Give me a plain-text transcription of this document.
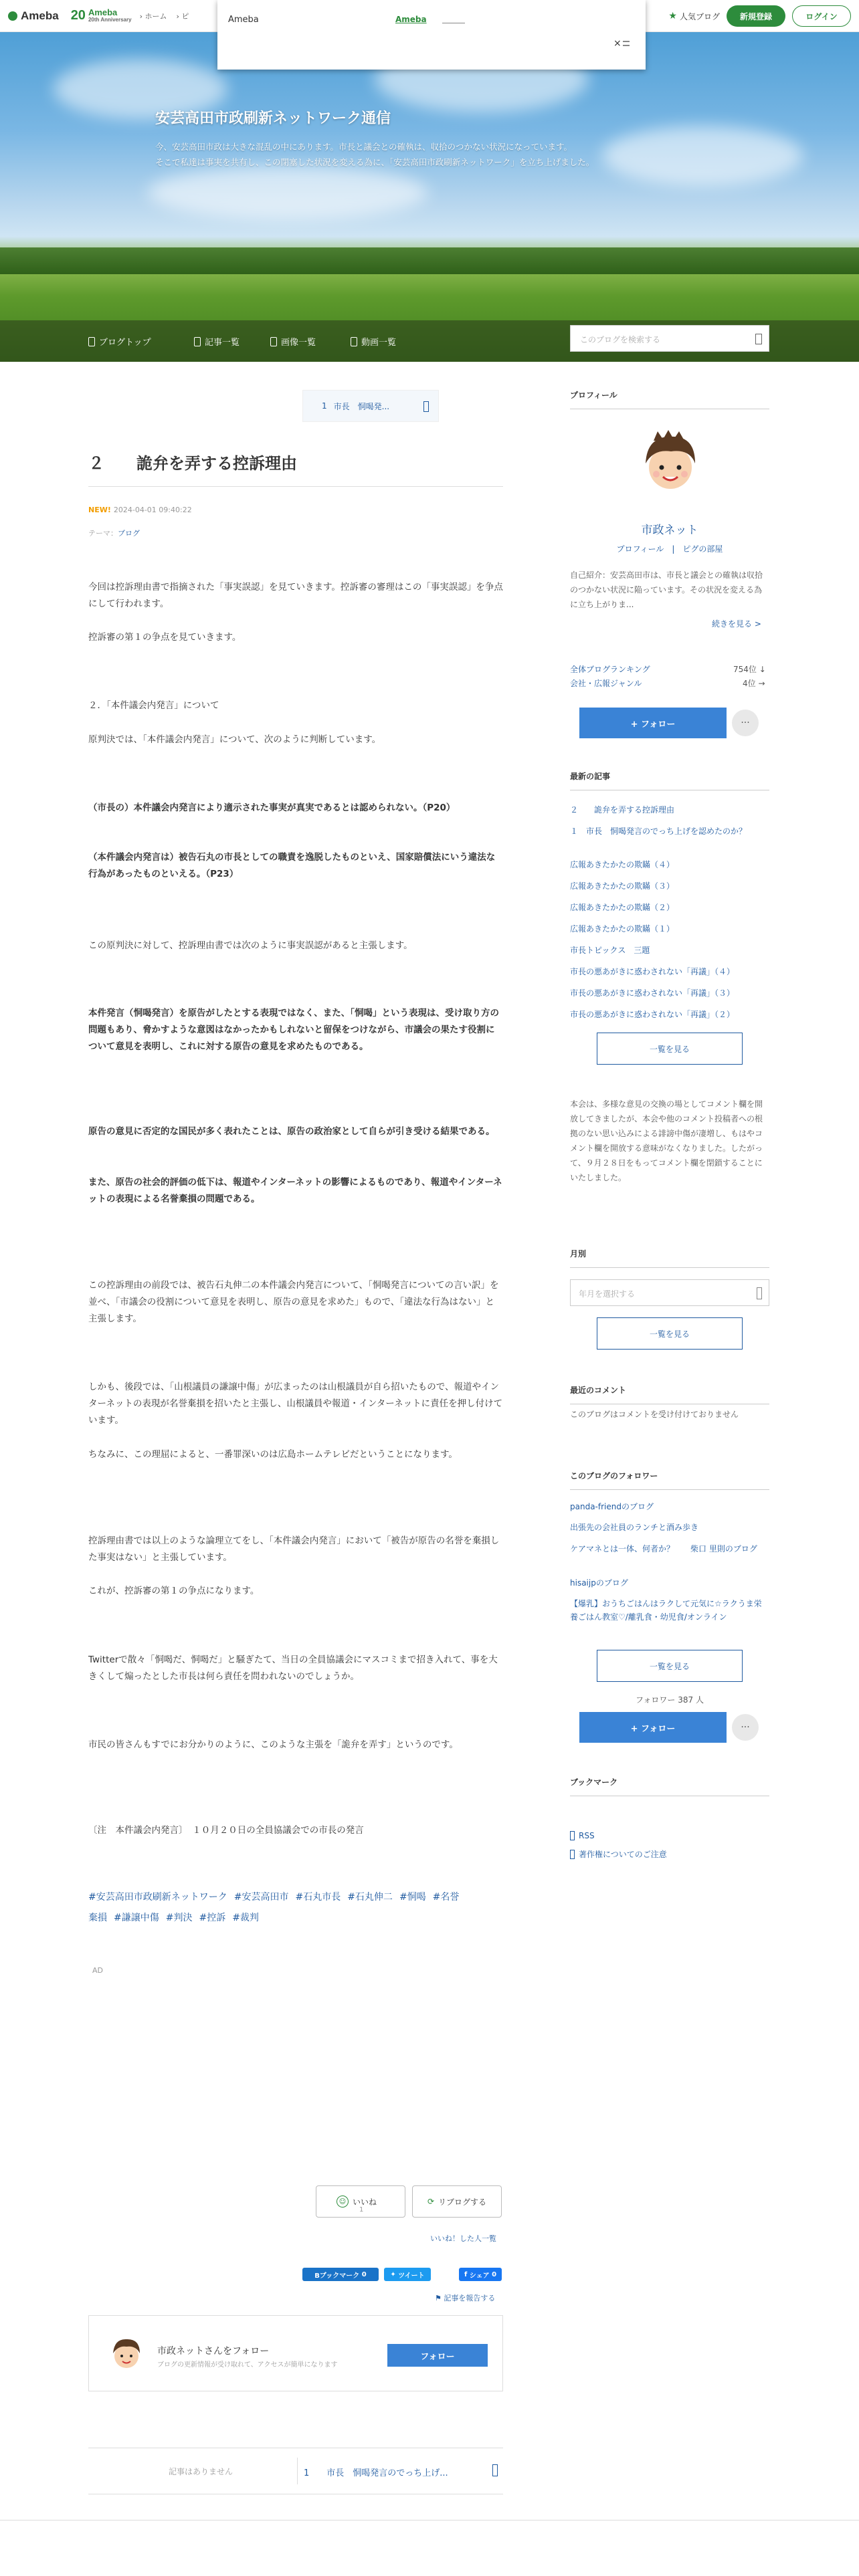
Ameba 20 Ameba
20th Anniversary › ホーム › ピ	★ 人気ブログ	新規登録	ログイン
Ameba	Ameba
×
安芸高田市政刷新ネットワーク通信
今、安芸高田市政は大きな混乱の中にあります。市長と議会との確執は、収拾のつかない状況になっています。
そこで私達は事実を共有し、この閉塞した状況を変える為に、「安芸高田市政刷新ネットワーク」を立ち上げました。
ブログトップ	記事一覧	画像一覧	動画一覧	このブログを検索する
1 市長　恫喝発...
２　　詭弁を弄する控訴理由
NEW! 2024-04-01 09:40:22
テーマ：ブログ

今回は控訴理由書で指摘された「事実誤認」を見ていきます。控訴審の審理はこの「事実誤認」を争点にして行われます。

控訴審の第１の争点を見ていきます。

２．「本件議会内発言」について

原判決では、「本件議会内発言」について、次のように判断しています。

（市長の）本件議会内発言により適示された事実が真実であるとは認められない。（P20）

（本件議会内発言は）被告石丸の市長としての職責を逸脱したものといえ、国家賠償法にいう違法な行為があったものといえる。（P23）

この原判決に対して、控訴理由書では次のように事実誤認があると主張します。

本件発言（恫喝発言）を原告がしたとする表現ではなく、また、「恫喝」という表現は、受け取り方の問題もあり、脅かすような意図はなかったかもしれないと留保をつけながら、市議会の果たす役割について意見を表明し、これに対する原告の意見を求めたものである。

原告の意見に否定的な国民が多く表れたことは、原告の政治家として自らが引き受ける結果である。

また、原告の社会的評価の低下は、報道やインターネットの影響によるものであり、報道やインターネットの表現による名誉棄損の問題である。

この控訴理由の前段では、被告石丸伸二の本件議会内発言について、「恫喝発言についての言い訳」を並べ、「市議会の役割について意見を表明し、原告の意見を求めた」もので、「違法な行為はない」と主張します。

しかも、後段では、「山根議員の謙譲中傷」が広まったのは山根議員が自ら招いたもので、報道やインターネットの表現が名誉棄損を招いたと主張し、山根議員や報道・インターネットに責任を押し付けています。

ちなみに、この理屈によると、一番罪深いのは広島ホームテレビだということになります。

控訴理由書では以上のような論理立てをし、「本件議会内発言」において「被告が原告の名誉を棄損した事実はない」と主張しています。

これが、控訴審の第１の争点になります。

Twitterで散々「恫喝だ、恫喝だ」と騒ぎたて、当日の全員協議会にマスコミまで招き入れて、事を大きくして煽ったとした市長は何ら責任を問われないのでしょうか。

市民の皆さんもすでにお分かりのように、このような主張を「詭弁を弄す」というのです。

〔注　本件議会内発言〕　１０月２０日の全員協議会での市長の発言

#安芸高田市政刷新ネットワーク #安芸高田市 #石丸市長 #石丸伸二 #恫喝 #名誉
棄損 #謙譲中傷 #判決 #控訴 #裁判
AD
☺ いいね
1
⟳ リブログする
いいね！した人一覧
Bブックマーク
0	✦
ツイート	f
シェア
0
⚑ 記事を報告する
市政ネットさんをフォロー
ブログの更新情報が受け取れて、アクセスが簡単になります
フォロー
記事はありません	1　　 市長　恫喝発言のでっち上げ...
プロフィール
市政ネット
プロフィール　|　ピグの部屋
自己紹介：安芸高田市は、市長と議会との確執は収拾のつかない状況に陥っています。その状況を変える為に立ち上がりま...
続きを見る >
全体ブログランキング	754位 ↓
会社・広報ジャンル	4位 →
+ フォロー	···
最新の記事
２　　詭弁を弄する控訴理由
１　市長　恫喝発言のでっち上げを認めたのか？
広報あきたかたの欺瞞（４）
広報あきたかたの欺瞞（３）
広報あきたかたの欺瞞（２）
広報あきたかたの欺瞞（１）
市長トピックス　三題
市長の悪あがきに惑わされない「再議」（４）
市長の悪あがきに惑わされない「再議」（３）
市長の悪あがきに惑わされない「再議」（２）
一覧を見る
本会は、多様な意見の交換の場としてコメント欄を開放してきましたが、本会や他のコメント投稿者への根拠のない思い込みによる誹謗中傷が凄増し、もはやコメント欄を開放する意味がなくなりました。したがって、９月２８日をもってコメント欄を閉鎖することにいたしました。
月別
年月を選択する
一覧を見る
最近のコメント
このブログはコメントを受け付けておりません
このブログのフォロワー
panda-friendのブログ
出張先の会社員のランチと酒み歩き
ケアマネとは一体、何者か？　　柴口 里則のブログ
hisaijpのブログ
【爆乳】おうちごはんはラクして元気に☆ラクうま栄養ごはん教室♡/離乳食・幼児食/オンライン
一覧を見る
フォロワー 387 人
+ フォロー	···
ブックマーク
RSS
著作権についてのご注意
